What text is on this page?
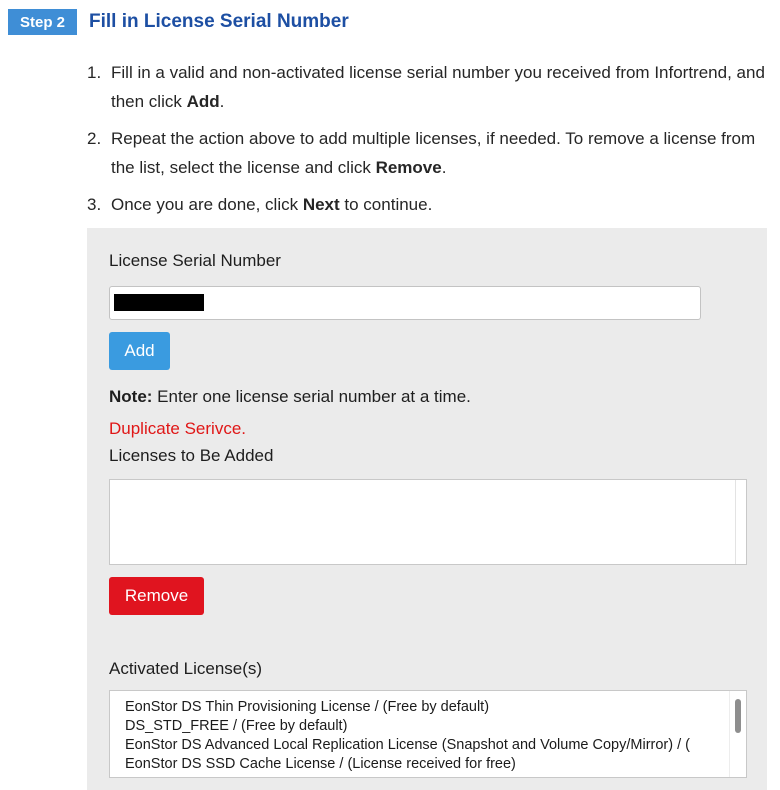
Step 2	Fill in License Serial Number
1. Fill in a valid and non-activated license serial number you received from Infortrend, and then click Add.
2. Repeat the action above to add multiple licenses, if needed. To remove a license from the list, select the license and click Remove.
3. Once you are done, click Next to continue.
License Serial Number
Add
Note: Enter one license serial number at a time.
Duplicate Serivce.
Licenses to Be Added
Remove
Activated License(s)
EonStor DS Thin Provisioning License / (Free by default)
DS_STD_FREE / (Free by default)
EonStor DS Advanced Local Replication License (Snapshot and Volume Copy/Mirror) / (
EonStor DS SSD Cache License / (License received for free)
